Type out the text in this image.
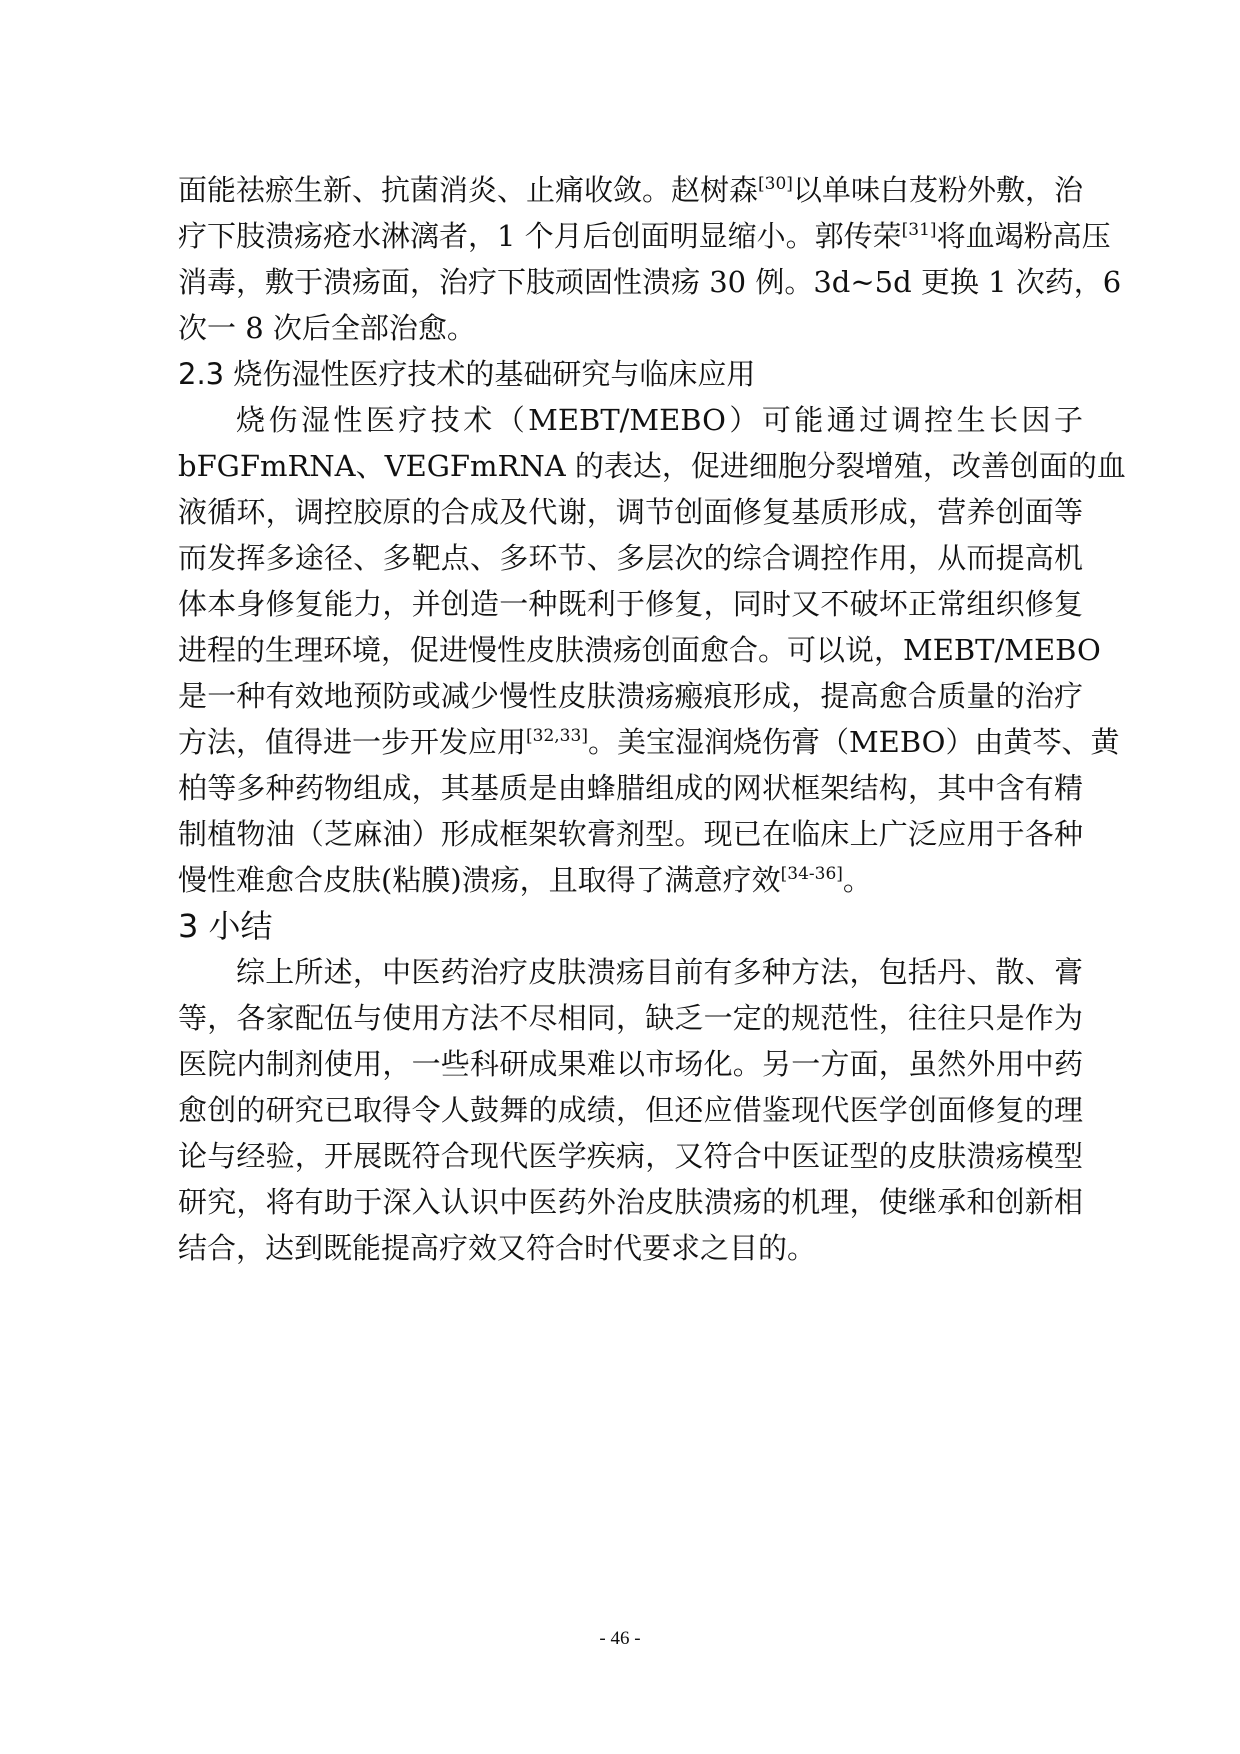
面能祛瘀生新、抗菌消炎、止痛收敛。赵树森[30]以单味白芨粉外敷，治
疗下肢溃疡疮水淋漓者，1 个月后创面明显缩小。郭传荣[31]将血竭粉高压
消毒，敷于溃疡面，治疗下肢顽固性溃疡 30 例。3d~5d 更换 1 次药，6
次一 8 次后全部治愈。
2.3 烧伤湿性医疗技术的基础研究与临床应用
烧伤湿性医疗技术（MEBT/MEBO）可能通过调控生长因子
bFGFmRNA、VEGFmRNA 的表达，促进细胞分裂增殖，改善创面的血
液循环，调控胶原的合成及代谢，调节创面修复基质形成，营养创面等
而发挥多途径、多靶点、多环节、多层次的综合调控作用，从而提高机
体本身修复能力，并创造一种既利于修复，同时又不破坏正常组织修复
进程的生理环境，促进慢性皮肤溃疡创面愈合。可以说，MEBT/MEBO
是一种有效地预防或减少慢性皮肤溃疡瘢痕形成，提高愈合质量的治疗
方法，值得进一步开发应用[32,33]。美宝湿润烧伤膏（MEBO）由黄芩、黄
柏等多种药物组成，其基质是由蜂腊组成的网状框架结构，其中含有精
制植物油（芝麻油）形成框架软膏剂型。现已在临床上广泛应用于各种
慢性难愈合皮肤(粘膜)溃疡，且取得了满意疗效[34-36]。
3 小结
综上所述，中医药治疗皮肤溃疡目前有多种方法，包括丹、散、膏
等，各家配伍与使用方法不尽相同，缺乏一定的规范性，往往只是作为
医院内制剂使用，一些科研成果难以市场化。另一方面，虽然外用中药
愈创的研究已取得令人鼓舞的成绩，但还应借鉴现代医学创面修复的理
论与经验，开展既符合现代医学疾病，又符合中医证型的皮肤溃疡模型
研究，将有助于深入认识中医药外治皮肤溃疡的机理，使继承和创新相
结合，达到既能提高疗效又符合时代要求之目的。
- 46 -
